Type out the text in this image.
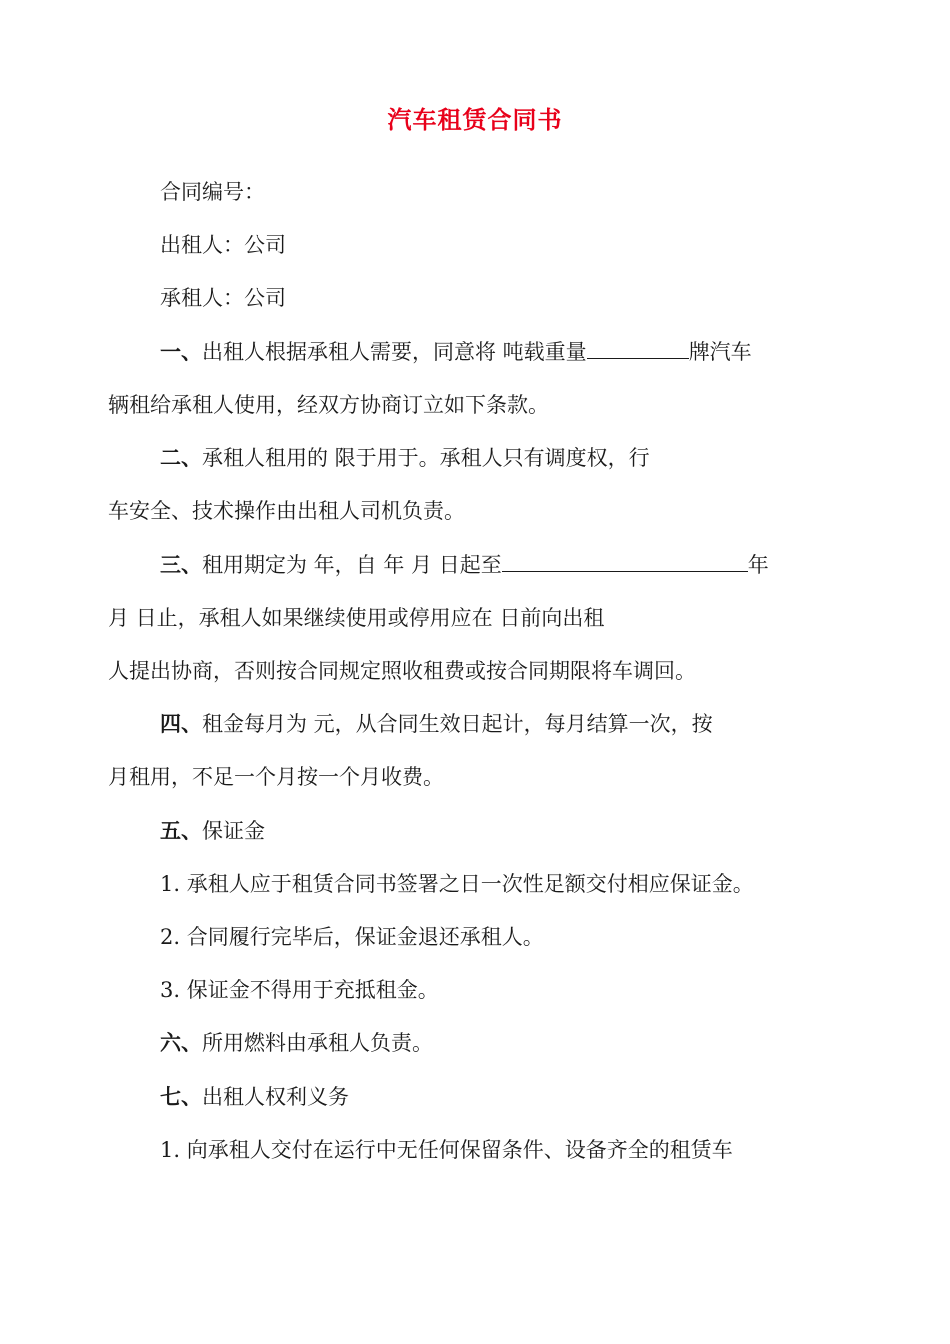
汽车租赁合同书
合同编号：
出租人：公司
承租人：公司
一、出租人根据承租人需要，同意将 吨载重量	牌汽车
辆租给承租人使用，经双方协商订立如下条款。
二、承租人租用的 限于用于。承租人只有调度权，行
车安全、技术操作由出租人司机负责。
三、租用期定为 年，自 年 月 日起至	年
月 日止，承租人如果继续使用或停用应在 日前向出租
人提出协商，否则按合同规定照收租费或按合同期限将车调回。
四、租金每月为 元，从合同生效日起计，每月结算一次，按
月租用，不足一个月按一个月收费。
五、保证金
1. 承租人应于租赁合同书签署之日一次性足额交付相应保证金。
2. 合同履行完毕后，保证金退还承租人。
3. 保证金不得用于充抵租金。
六、所用燃料由承租人负责。
七、出租人权利义务
1. 向承租人交付在运行中无任何保留条件、设备齐全的租赁车
